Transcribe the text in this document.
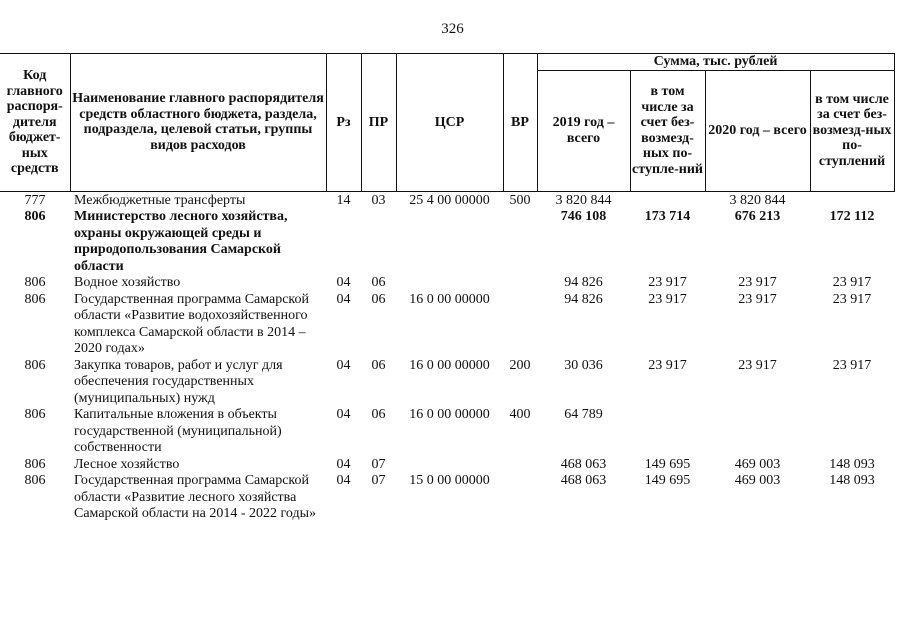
326
Код главного распоря-дителя бюджет-ных средств	Наименование главного распорядителя средств областного бюджета, раздела, подраздела, целевой статьи, группы видов расходов	Рз	ПР	ЦСР	ВР	Сумма, тыс. рублей			
						2019 год – всего	в том числе за счет без-возмезд-ных по-ступле-ний	2020 год – всего	в том числе за счет без-возмезд-ных по-ступлений
777	Межбюджетные трансферты	14	03	25 4 00 00000	500	3 820 844		3 820 844	
806	Министерство лесного хозяйства, охраны окружающей среды и природопользования Самарской области					746 108	173 714	676 213	172 112
806	Водное хозяйство	04	06			94 826	23 917	23 917	23 917
806	Государственная программа Самарской области «Развитие водохозяйственного комплекса Самарской области в 2014 – 2020 годах»	04	06	16 0 00 00000		94 826	23 917	23 917	23 917
806	Закупка товаров, работ и услуг для обеспечения государственных (муниципальных) нужд	04	06	16 0 00 00000	200	30 036	23 917	23 917	23 917
806	Капитальные вложения в объекты государственной (муниципальной) собственности	04	06	16 0 00 00000	400	64 789			
806	Лесное хозяйство	04	07			468 063	149 695	469 003	148 093
806	Государственная программа Самарской области «Развитие лесного хозяйства Самарской области на 2014 - 2022 годы»	04	07	15 0 00 00000		468 063	149 695	469 003	148 093
